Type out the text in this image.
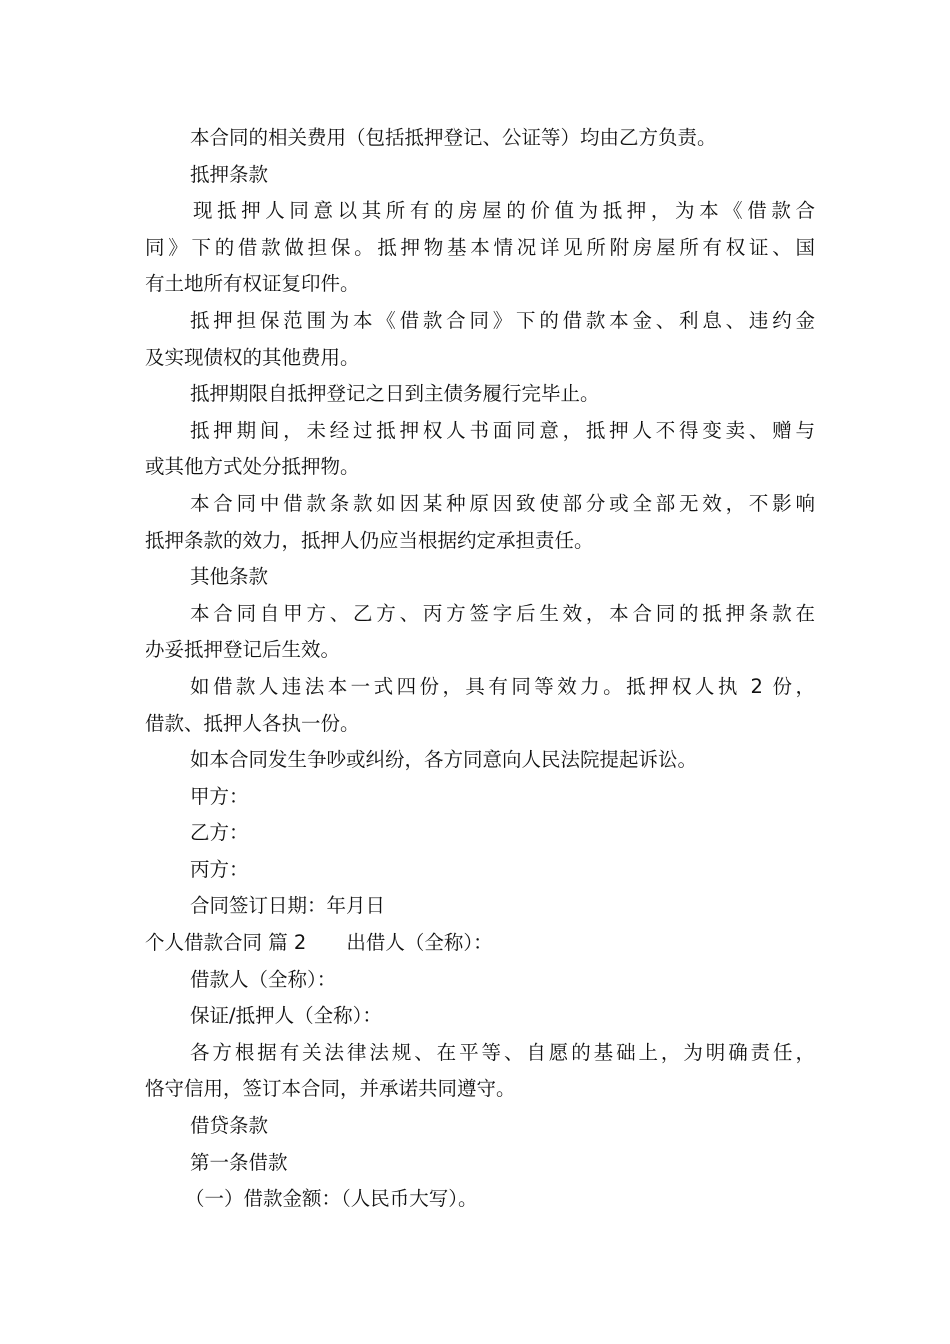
本合同的相关费用（包括抵押登记、公证等）均由乙方负责。
抵押条款
现抵押人同意以其所有的房屋的价值为抵押，为本《借款合
同》下的借款做担保。抵押物基本情况详见所附房屋所有权证、国
有土地所有权证复印件。
抵押担保范围为本《借款合同》下的借款本金、利息、违约金
及实现债权的其他费用。
抵押期限自抵押登记之日到主债务履行完毕止。
抵押期间，未经过抵押权人书面同意，抵押人不得变卖、赠与
或其他方式处分抵押物。
本合同中借款条款如因某种原因致使部分或全部无效，不影响
抵押条款的效力，抵押人仍应当根据约定承担责任。
其他条款
本合同自甲方、乙方、丙方签字后生效，本合同的抵押条款在
办妥抵押登记后生效。
如借款人违法本一式四份，具有同等效力。抵押权人执 2 份，
借款、抵押人各执一份。
如本合同发生争吵或纠纷，各方同意向人民法院提起诉讼。
甲方：
乙方：
丙方：
合同签订日期：年月日
个人借款合同 篇 2 出借人（全称）：
借款人（全称）：
保证/抵押人（全称）：
各方根据有关法律法规、在平等、自愿的基础上，为明确责任，
恪守信用，签订本合同，并承诺共同遵守。
借贷条款
第一条借款
（一）借款金额：（人民币大写）。
